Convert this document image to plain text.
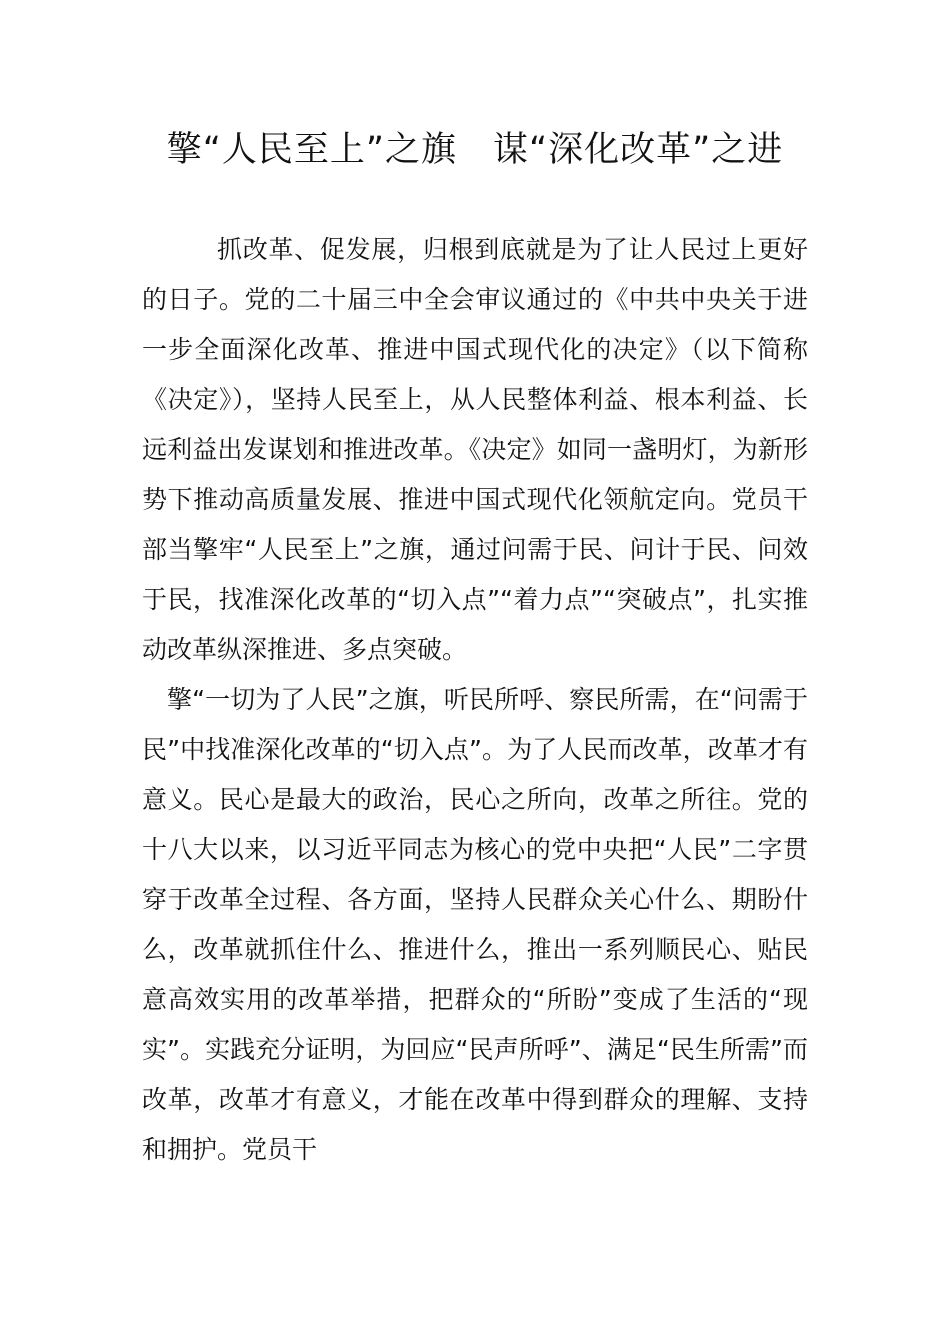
擎“人民至上”之旗　谋“深化改革”之进

抓改革、促发展，归根到底就是为了让人民过上更好的日子。党的二十届三中全会审议通过的《中共中央关于进一步全面深化改革、推进中国式现代化的决定》（以下简称《决定》），坚持人民至上，从人民整体利益、根本利益、长远利益出发谋划和推进改革。《决定》如同一盏明灯，为新形势下推动高质量发展、推进中国式现代化领航定向。党员干部当擎牢“人民至上”之旗，通过问需于民、问计于民、问效于民，找准深化改革的“切入点”“着力点”“突破点”，扎实推动改革纵深推进、多点突破。

擎“一切为了人民”之旗，听民所呼、察民所需，在“问需于民”中找准深化改革的“切入点”。为了人民而改革，改革才有意义。民心是最大的政治，民心之所向，改革之所往。党的十八大以来，以习近平同志为核心的党中央把“人民”二字贯穿于改革全过程、各方面，坚持人民群众关心什么、期盼什么，改革就抓住什么、推进什么，推出一系列顺民心、贴民意高效实用的改革举措，把群众的“所盼”变成了生活的“现实”。实践充分证明，为回应“民声所呼”、满足“民生所需”而改革，改革才有意义，才能在改革中得到群众的理解、支持和拥护。党员干
